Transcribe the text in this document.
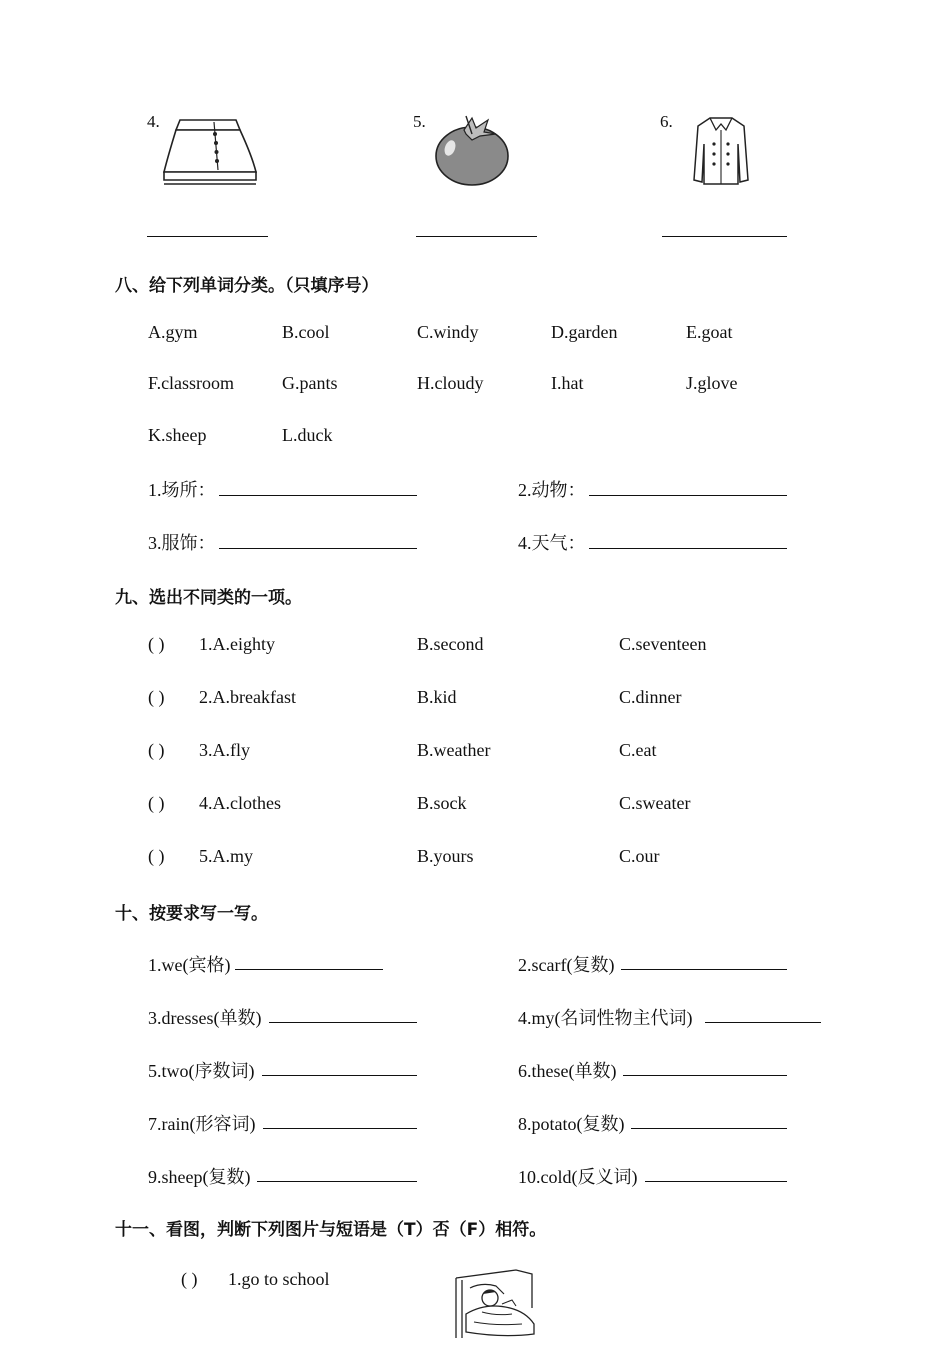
4.	5.	6.
八、给下列单词分类。（只填序号）
A.gym	B.cool	C.windy	D.garden	E.goat
F.classroom	G.pants	H.cloudy	I.hat	J.glove
K.sheep	L.duck
1.场所：	2.动物：
3.服饰：	4.天气：
九、选出不同类的一项。
( ) 1.A.eighty	B.second	C.seventeen
( ) 2.A.breakfast	B.kid	C.dinner
( ) 3.A.fly	B.weather	C.eat
( ) 4.A.clothes	B.sock	C.sweater
( ) 5.A.my	B.yours	C.our
十、按要求写一写。
1.we(宾格)	2.scarf(复数)
3.dresses(单数)	4.my(名词性物主代词)
5.two(序数词)	6.these(单数)
7.rain(形容词)	8.potato(复数)
9.sheep(复数)	10.cold(反义词)
十一、看图，判断下列图片与短语是（T）否（F）相符。
( ) 1.go to school
